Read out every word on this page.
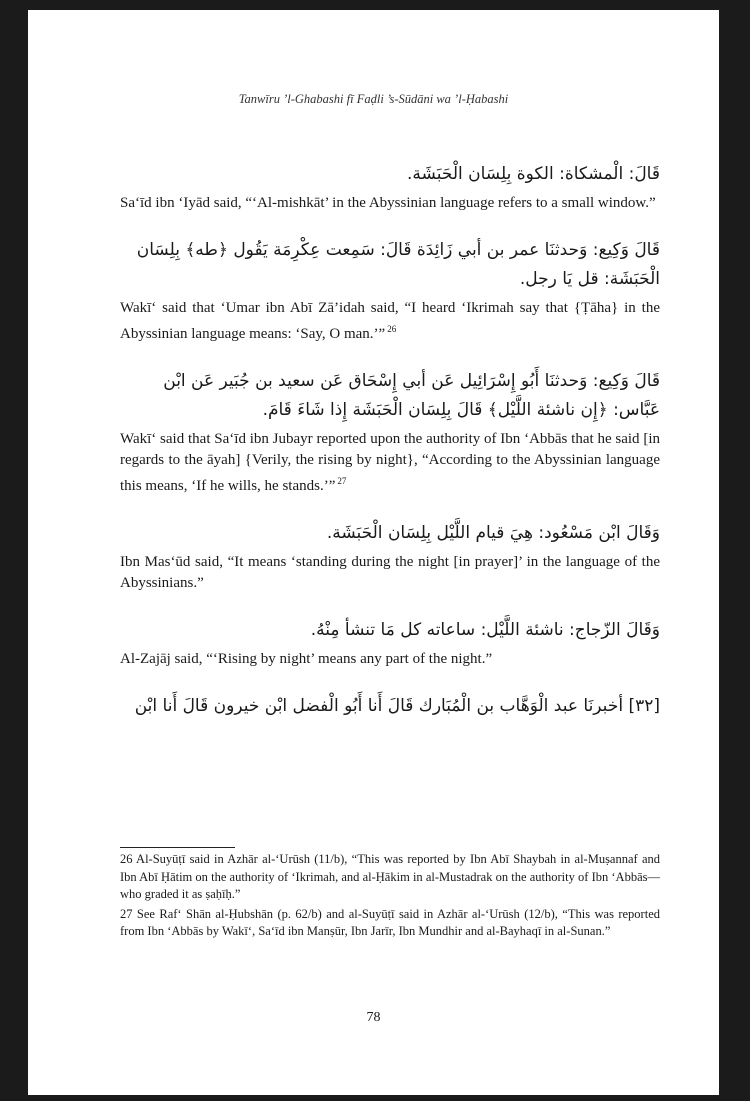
Tanwīru ’l-Ghabashi fī Faḍli ’s-Sūdāni wa ’l-Ḥabashi

قَالَ: الْمشكاة: الكوة بِلِسَان الْحَبَشَة.

Sa‘īd ibn ‘Iyād said, “‘Al-mishkāt’ in the Abyssinian language refers to a small window.”

قَالَ وَكِيع: وَحدثنَا عمر بن أبي زَائِدَة قَالَ: سَمِعت عِكْرِمَة يَقُول ﴿طه﴾ بِلِسَان الْحَبَشَة: قل يَا رجل.

Wakī‘ said that ‘Umar ibn Abī Zā’idah said, “I heard ‘Ikrimah say that {Ṭāha} in the Abyssinian language means: ‘Say, O man.’” $^{26}$

قَالَ وَكِيع: وَحدثنَا أَبُو إِسْرَائِيل عَن أبي إِسْحَاق عَن سعيد بن جُبَير عَن ابْن عَبَّاس: ﴿إِن ناشئة اللَّيْل﴾ قَالَ بِلِسَان الْحَبَشَة إِذا شَاءَ قَامَ.

Wakī‘ said that Sa‘īd ibn Jubayr reported upon the authority of Ibn ‘Abbās that he said [in regards to the āyah] {Verily, the rising by night}, “According to the Abyssinian language this means, ‘If he wills, he stands.’” $^{27}$

وَقَالَ ابْن مَسْعُود: هِيَ قيام اللَّيْل بِلِسَان الْحَبَشَة.

Ibn Mas‘ūd said, “It means ‘standing during the night [in prayer]’ in the language of the Abyssinians.”

وَقَالَ الزّجاج: ناشئة اللَّيْل: ساعاته كل مَا تنشأ مِنْهُ.

Al-Zajāj said, “‘Rising by night’ means any part of the night.”

[٣٢] أخبرنَا عبد الْوَهَّاب بن الْمُبَارك قَالَ أَنا أَبُو الْفضل ابْن خيرون قَالَ أَنا ابْن

26 Al-Suyūṭī said in Azhār al-‘Urūsh (11/b), “This was reported by Ibn Abī Shaybah in al-Muṣannaf and Ibn Abī Ḥātim on the authority of ‘Ikrimah, and al-Ḥākim in al-Mustadrak on the authority of Ibn ‘Abbās—who graded it as ṣaḥīḥ.”

27 See Raf‘ Shān al-Ḥubshān (p. 62/b) and al-Suyūṭī said in Azhār al-‘Urūsh (12/b), “This was reported from Ibn ‘Abbās by Wakī‘, Sa‘īd ibn Manṣūr, Ibn Jarīr, Ibn Mundhir and al-Bayhaqī in al-Sunan.”

78
